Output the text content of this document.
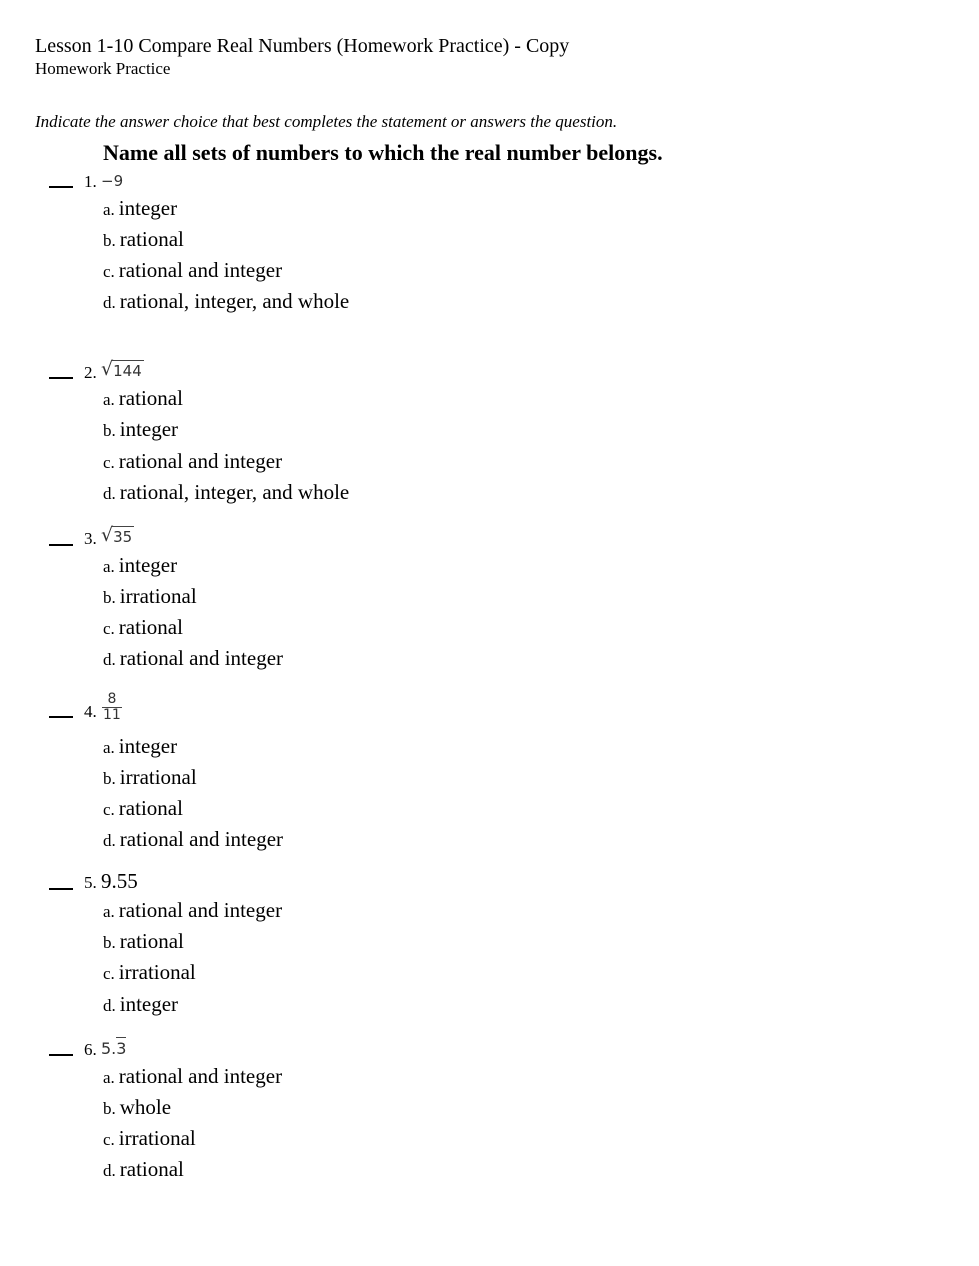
Lesson 1-10 Compare Real Numbers (Homework Practice) - Copy
Homework Practice
Indicate the answer choice that best completes the statement or answers the question.
Name all sets of numbers to which the real number belongs.
1. −9
a. integer
b. rational
c. rational and integer
d. rational, integer, and whole
2. √144
a. rational
b. integer
c. rational and integer
d. rational, integer, and whole
3. √35
a. integer
b. irrational
c. rational
d. rational and integer
4. $\frac{8}{11}$
a. integer
b. irrational
c. rational
d. rational and integer
5. 9.55
a. rational and integer
b. rational
c. irrational
d. integer
6. 5.
3
a. rational and integer
b. whole
c. irrational
d. rational
